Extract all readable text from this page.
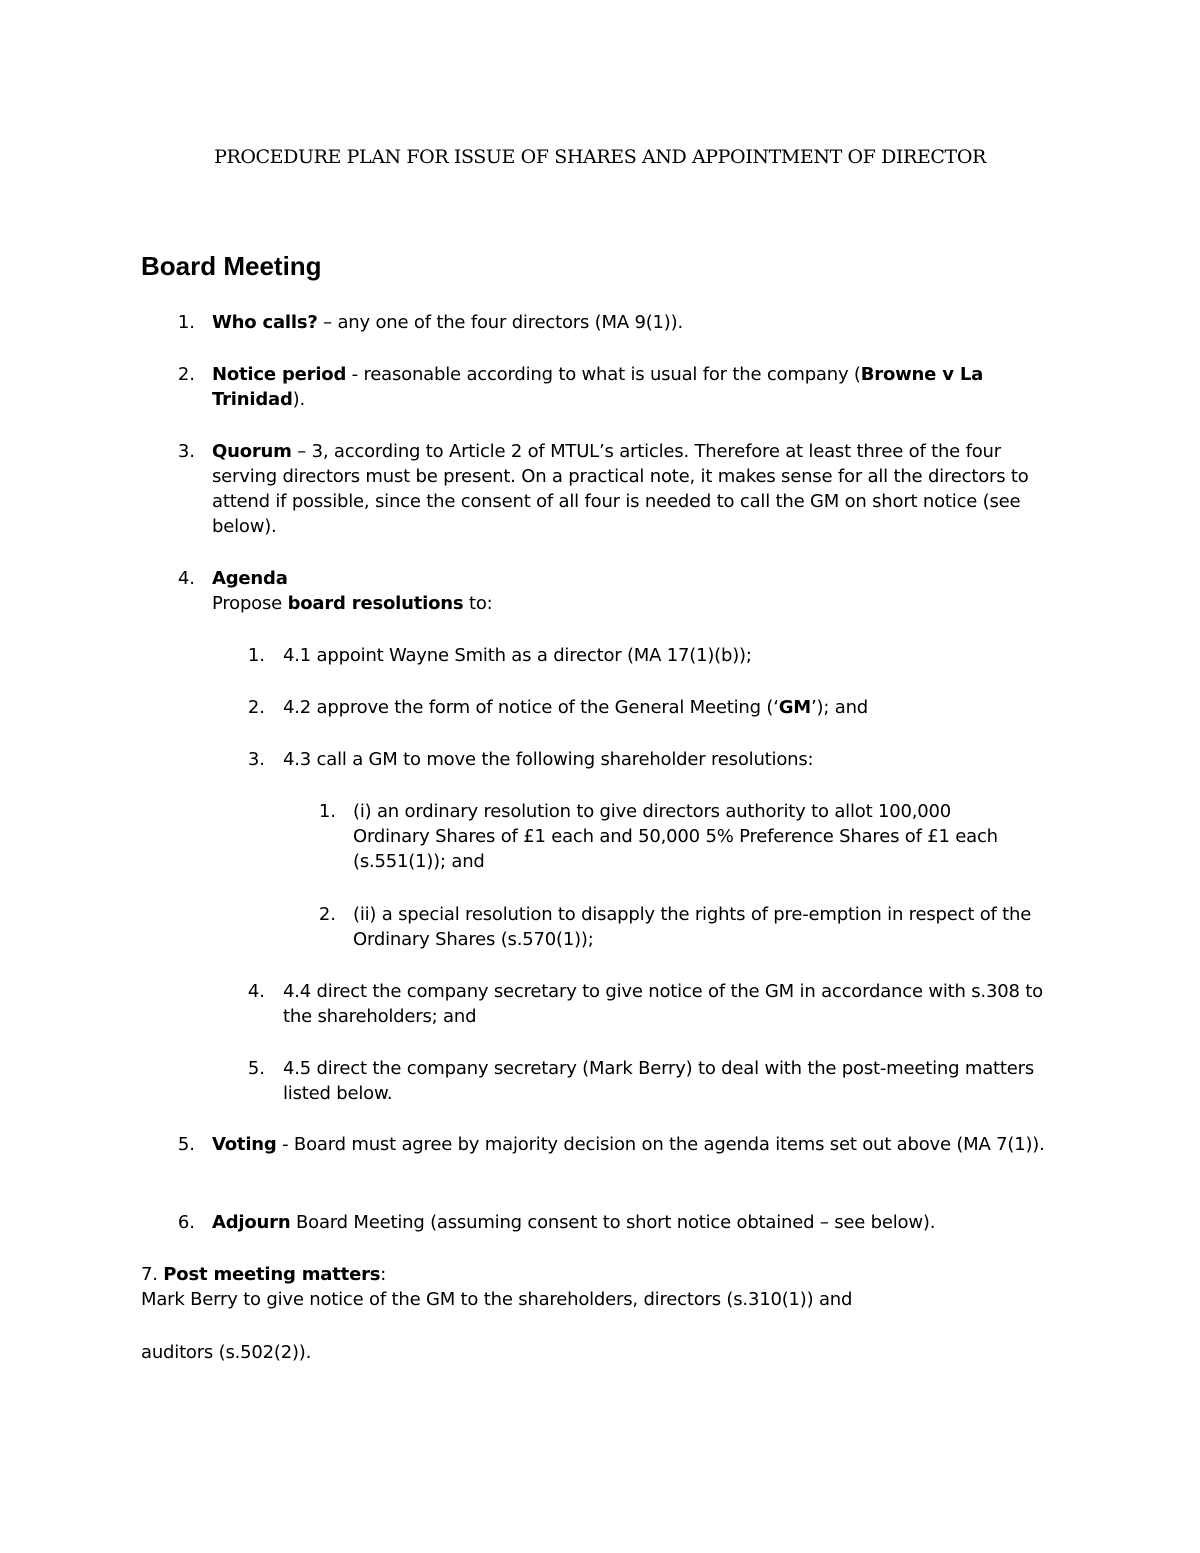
PROCEDURE PLAN FOR ISSUE OF SHARES AND APPOINTMENT OF DIRECTOR
Board Meeting
1. Who calls? – any one of the four directors (MA 9(1)).
2. Notice period - reasonable according to what is usual for the company (Browne v La Trinidad).
3. Quorum – 3, according to Article 2 of MTUL’s articles. Therefore at least three of the four serving directors must be present. On a practical note, it makes sense for all the directors to attend if possible, since the consent of all four is needed to call the GM on short notice (see below).
4. Agenda
Propose board resolutions to:
1. 4.1 appoint Wayne Smith as a director (MA 17(1)(b));
2. 4.2 approve the form of notice of the General Meeting (‘GM’); and
3. 4.3 call a GM to move the following shareholder resolutions:
1. (i) an ordinary resolution to give directors authority to allot 100,000 Ordinary Shares of £1 each and 50,000 5% Preference Shares of £1 each (s.551(1)); and
2. (ii) a special resolution to disapply the rights of pre-emption in respect of the Ordinary Shares (s.570(1));
4. 4.4 direct the company secretary to give notice of the GM in accordance with s.308 to the shareholders; and
5. 4.5 direct the company secretary (Mark Berry) to deal with the post-meeting matters listed below.
5. Voting - Board must agree by majority decision on the agenda items set out above (MA 7(1)).
6. Adjourn Board Meeting (assuming consent to short notice obtained – see below).
7. Post meeting matters:
Mark Berry to give notice of the GM to the shareholders, directors (s.310(1)) and
auditors (s.502(2)).
